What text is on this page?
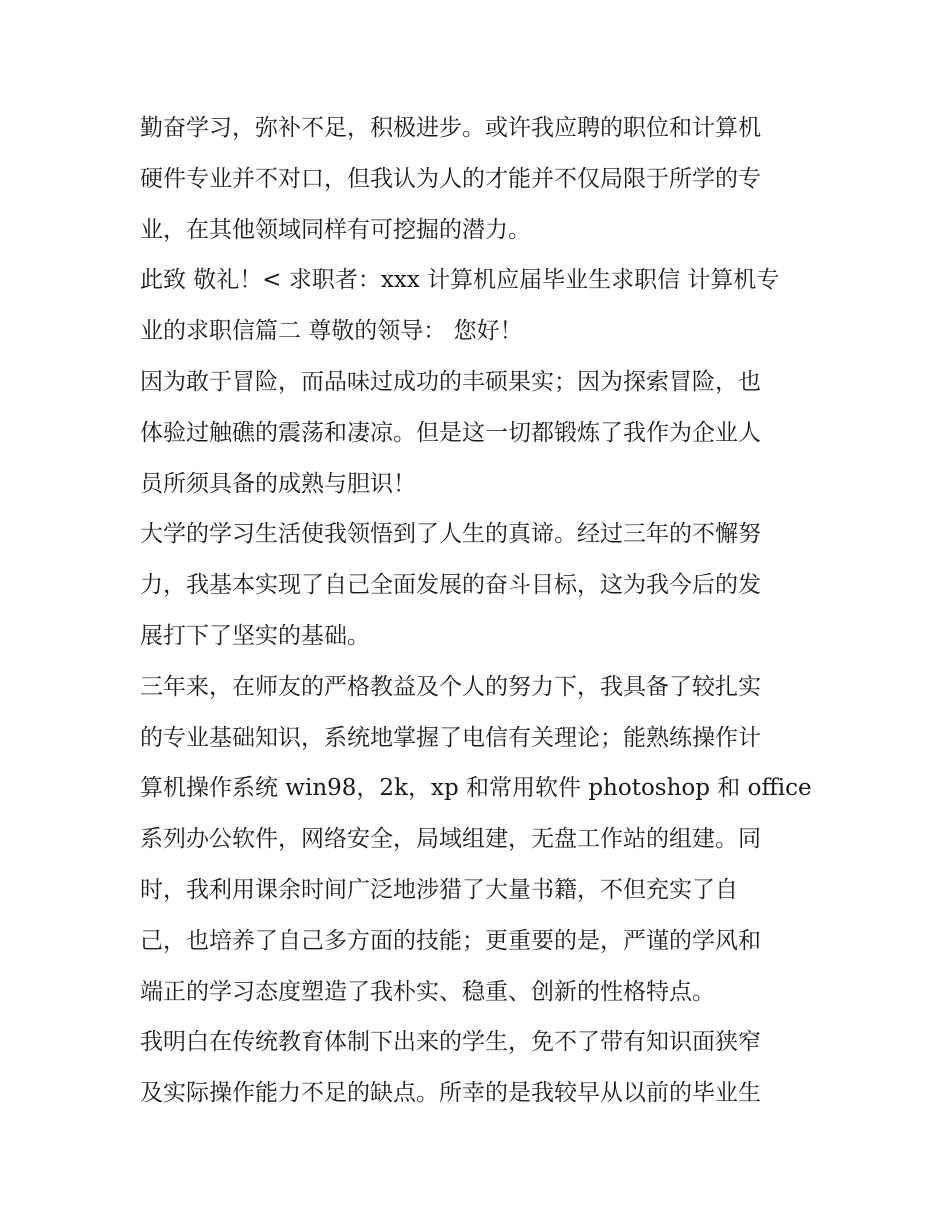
勤奋学习，弥补不足，积极进步。或许我应聘的职位和计算机
硬件专业并不对口，但我认为人的才能并不仅局限于所学的专
业，在其他领域同样有可挖掘的潜力。

此致 敬礼！< 求职者：xxx 计算机应届毕业生求职信 计算机专
业的求职信篇二 尊敬的领导： 您好！

因为敢于冒险，而品味过成功的丰硕果实；因为探索冒险，也
体验过触礁的震荡和凄凉。但是这一切都锻炼了我作为企业人
员所须具备的成熟与胆识！

大学的学习生活使我领悟到了人生的真谛。经过三年的不懈努
力，我基本实现了自己全面发展的奋斗目标，这为我今后的发
展打下了坚实的基础。

三年来，在师友的严格教益及个人的努力下，我具备了较扎实
的专业基础知识，系统地掌握了电信有关理论；能熟练操作计
算机操作系统 win98，2k，xp 和常用软件 photoshop 和 office
系列办公软件，网络安全，局域组建，无盘工作站的组建。同
时，我利用课余时间广泛地涉猎了大量书籍，不但充实了自
己，也培养了自己多方面的技能；更重要的是，严谨的学风和
端正的学习态度塑造了我朴实、稳重、创新的性格特点。

我明白在传统教育体制下出来的学生，免不了带有知识面狭窄
及实际操作能力不足的缺点。所幸的是我较早从以前的毕业生
